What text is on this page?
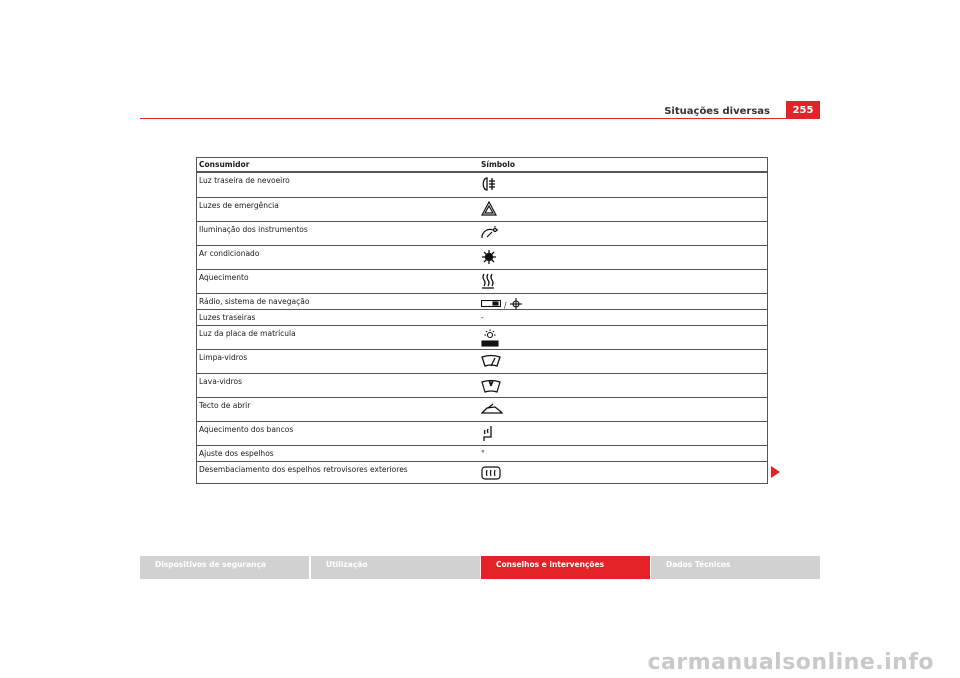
Situações diversas	255
Consumidor	Símbolo
Luz traseira de nevoeiro
Luzes de emergência
Iluminação dos instrumentos
Ar condicionado
Aquecimento
Rádio, sistema de navegação	/
Luzes traseiras	-
Luz da placa de matrícula
Limpa-vidros
Lava-vidros
Tecto de abrir
Aquecimento dos bancos
Ajuste dos espelhos	°
Desembaciamento dos espelhos retrovisores exteriores
Dispositivos de segurança	Utilização	Conselhos e intervenções	Dados Técnicos
carmanualsonline.info
